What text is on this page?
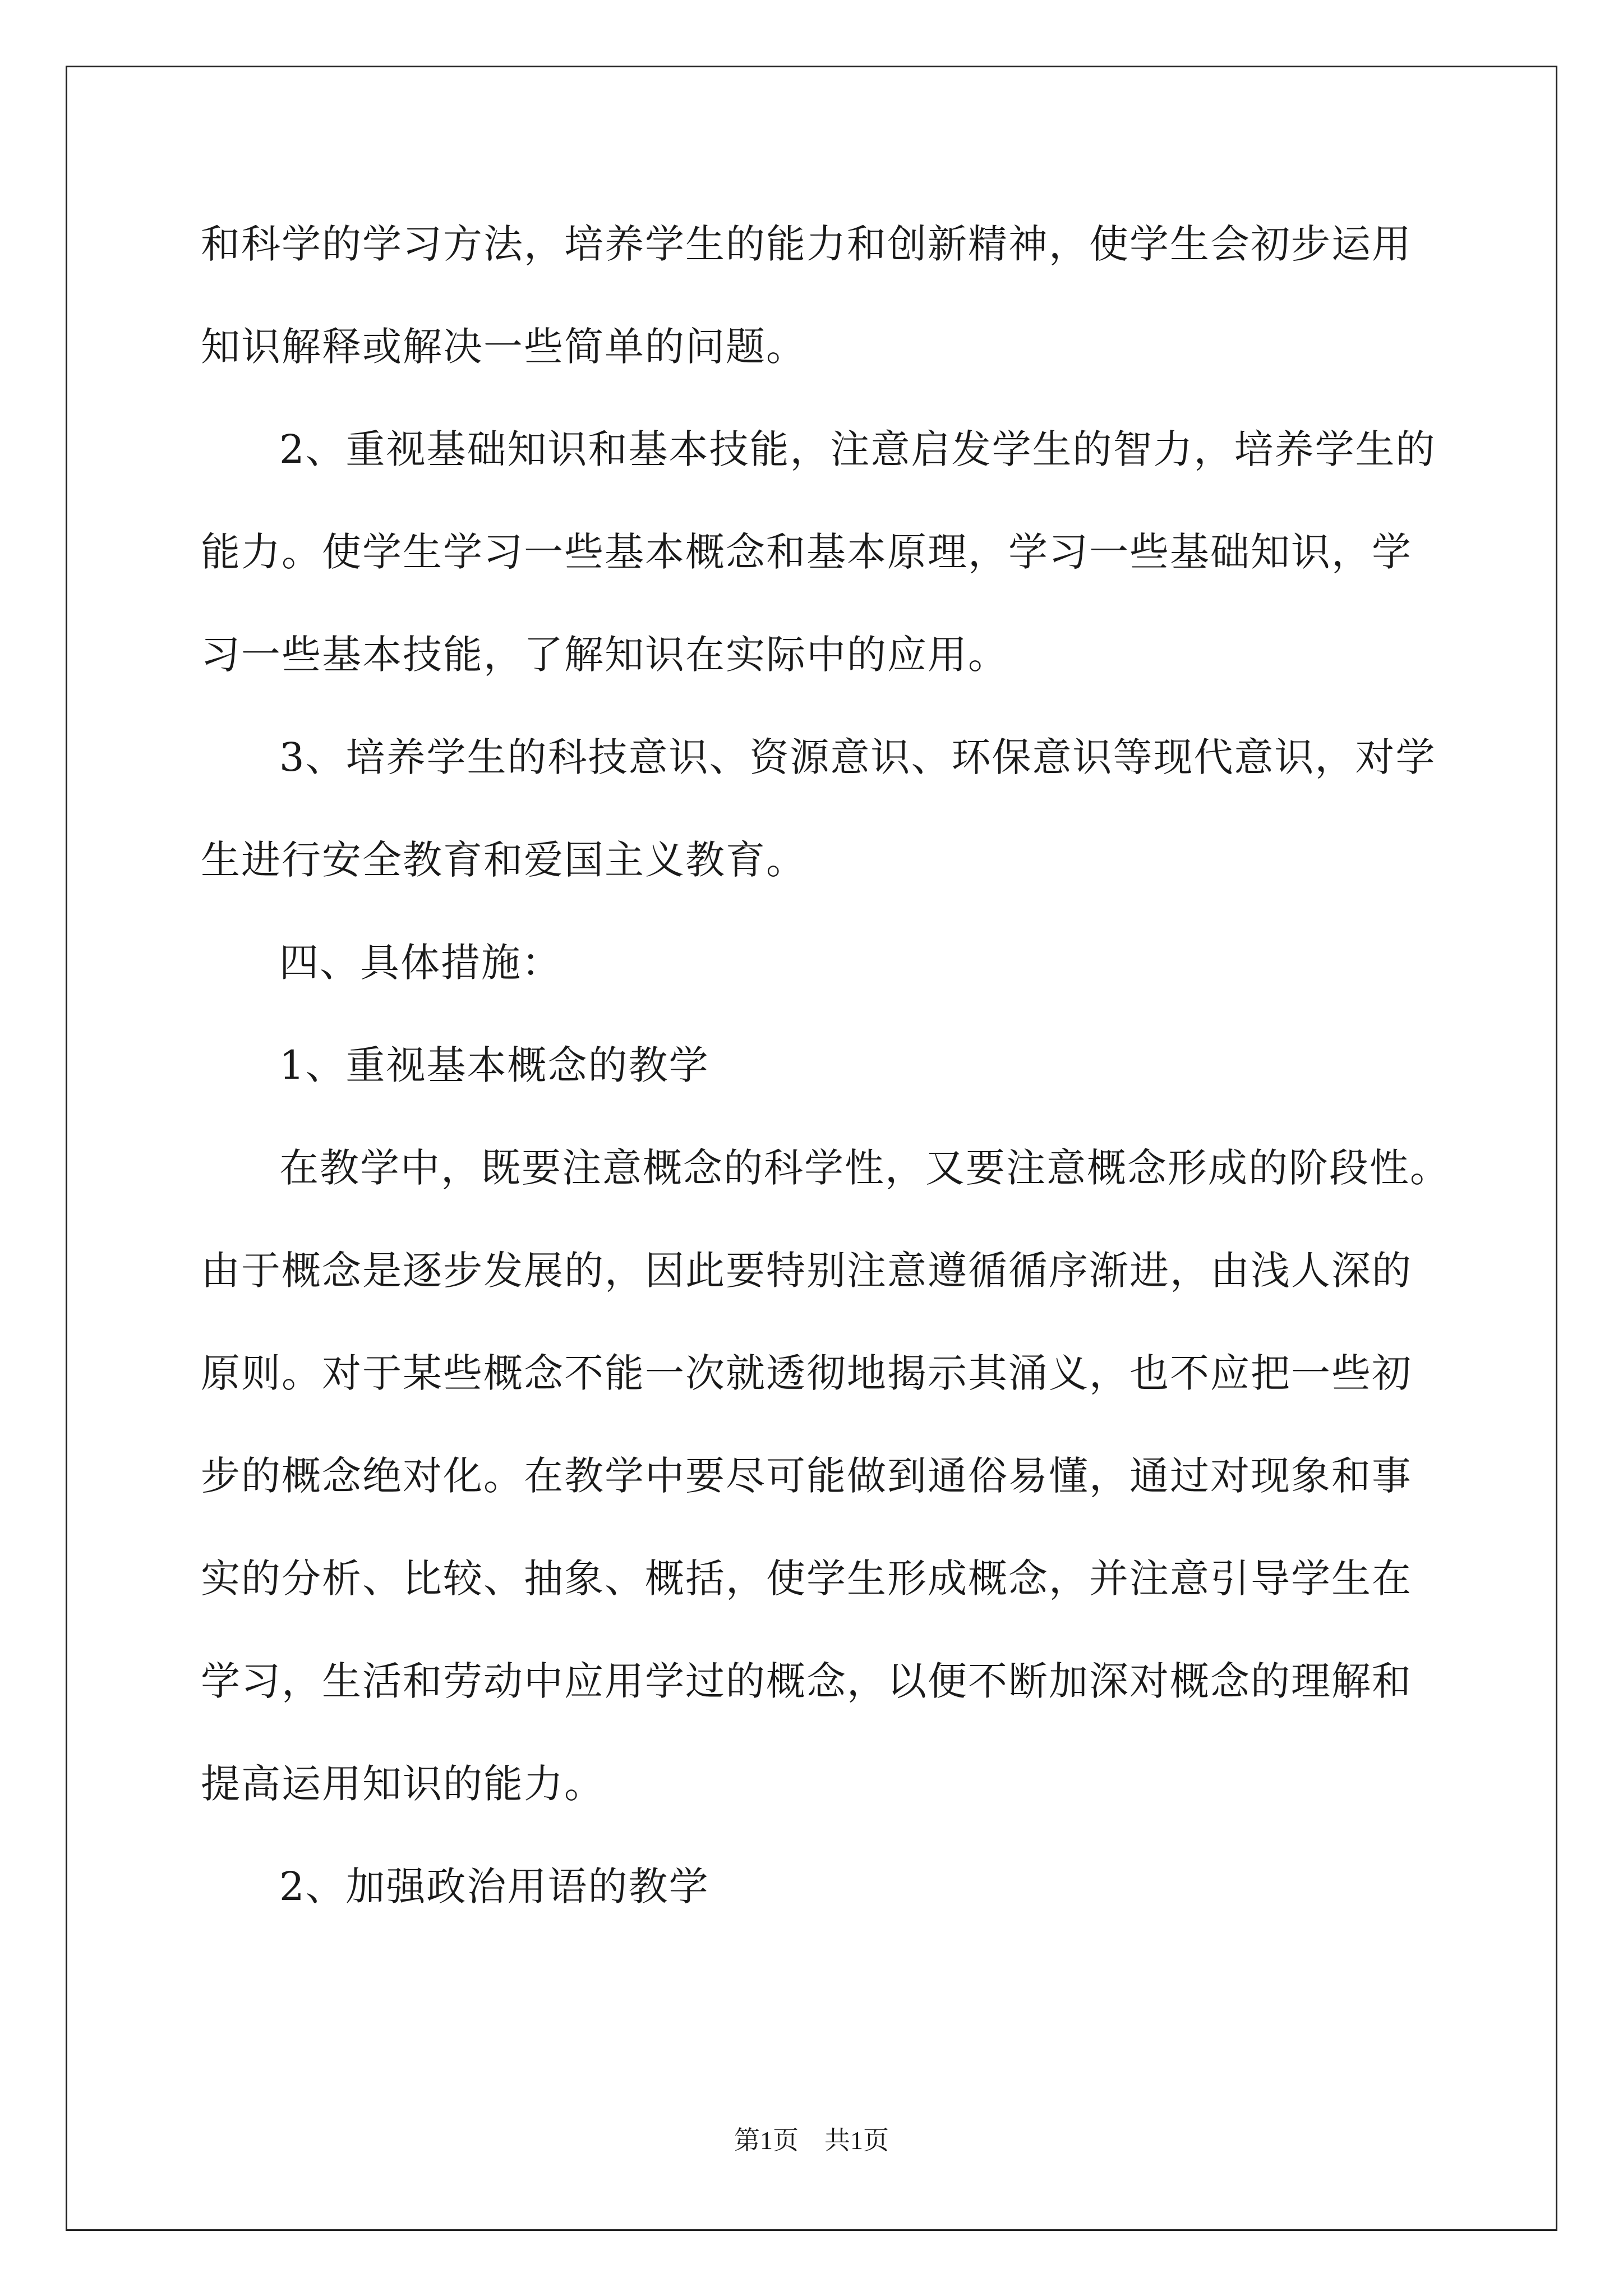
和科学的学习方法，培养学生的能力和创新精神，使学生会初步运用
知识解释或解决一些简单的问题。
2、重视基础知识和基本技能，注意启发学生的智力，培养学生的
能力。使学生学习一些基本概念和基本原理，学习一些基础知识，学
习一些基本技能，了解知识在实际中的应用。
3、培养学生的科技意识、资源意识、环保意识等现代意识，对学
生进行安全教育和爱国主义教育。
四、具体措施：
1、重视基本概念的教学
在教学中，既要注意概念的科学性，又要注意概念形成的阶段性。
由于概念是逐步发展的，因此要特别注意遵循循序渐进，由浅人深的
原则。对于某些概念不能一次就透彻地揭示其涌义，也不应把一些初
步的概念绝对化。在教学中要尽可能做到通俗易懂，通过对现象和事
实的分析、比较、抽象、概括，使学生形成概念，并注意引导学生在
学习，生活和劳动中应用学过的概念，以便不断加深对概念的理解和
提高运用知识的能力。
2、加强政治用语的教学
第1页　共1页
